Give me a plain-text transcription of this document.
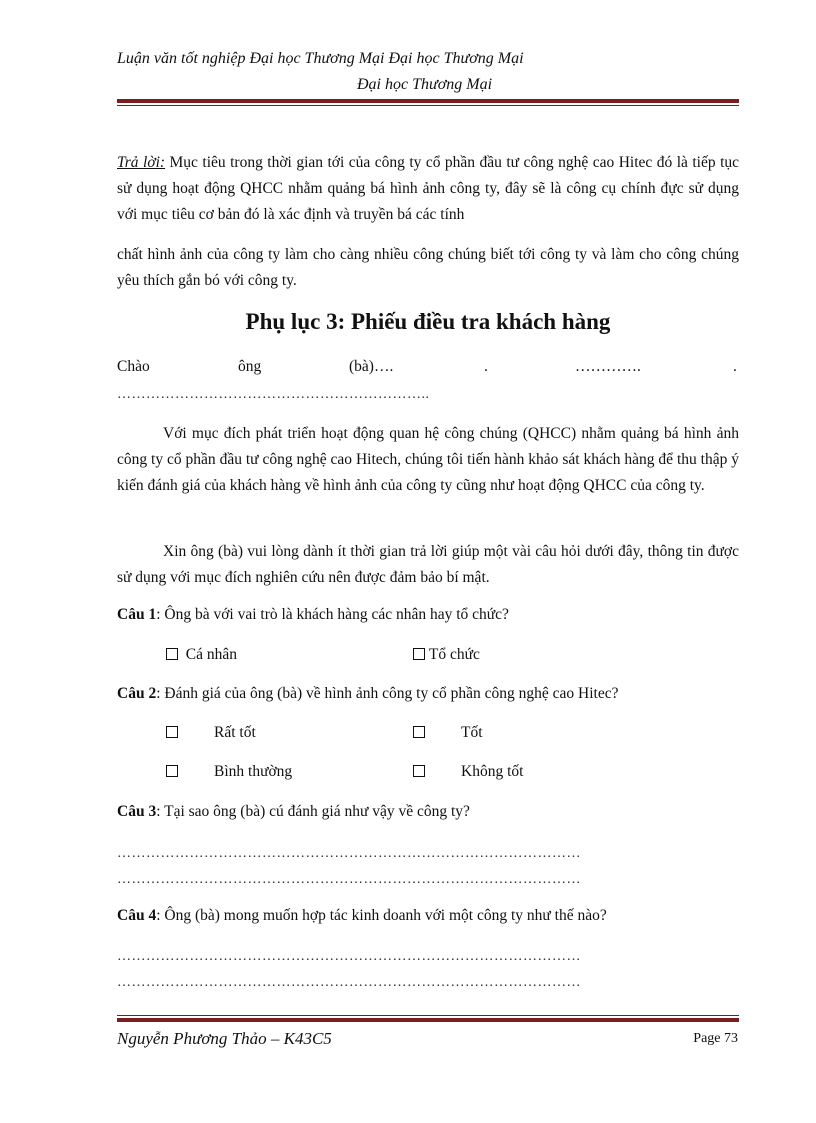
Luận văn tốt nghiệp Đại học Thương Mại Đại học Thương Mại
Đại học Thương Mại
Trả lời: Mục tiêu trong thời gian tới của công ty cổ phần đầu tư công nghệ cao Hitec đó là tiếp tục sử dụng hoạt động QHCC nhằm quảng bá hình ảnh công ty, đây sẽ là công cụ chính đực sử dụng với mục tiêu cơ bản đó là xác định và truyền bá các tính
chất hình ảnh của công ty làm cho càng nhiều công chúng biết tới công ty và làm cho công chúng yêu thích gắn bó với công ty.
Phụ lục 3: Phiếu điều tra khách hàng
Chào	ông	(bà)….	.	………….	.
………………………………………………………..
Với mục đích phát triển hoạt động quan hệ công chúng (QHCC) nhằm quảng bá hình ảnh công ty cổ phần đầu tư công nghệ cao Hitech, chúng tôi tiến hành khảo sát khách hàng để thu thập ý kiến đánh giá của khách hàng về hình ảnh của công ty cũng như hoạt động QHCC của công ty.
Xin ông (bà) vui lòng dành ít thời gian trả lời giúp một vài câu hỏi dưới đây, thông tin được sử dụng với mục đích nghiên cứu nên được đảm bảo bí mật.
Câu 1: Ông bà với vai trò là khách hàng các nhân hay tổ chức?
Cá nhân	Tổ chức
Câu 2: Đánh giá của ông (bà) về hình ảnh công ty cổ phần công nghệ cao Hitec?
Rất tốt	Tốt
Bình thường	Không tốt
Câu 3: Tại sao ông (bà) cú đánh giá như vậy về công ty?
……………………………………………………………………………………
……………………………………………………………………………………
Câu 4: Ông (bà) mong muốn hợp tác kinh doanh với một công ty như thế nào?
……………………………………………………………………………………
……………………………………………………………………………………
Nguyễn Phương Thảo – K43C5	Page 73
